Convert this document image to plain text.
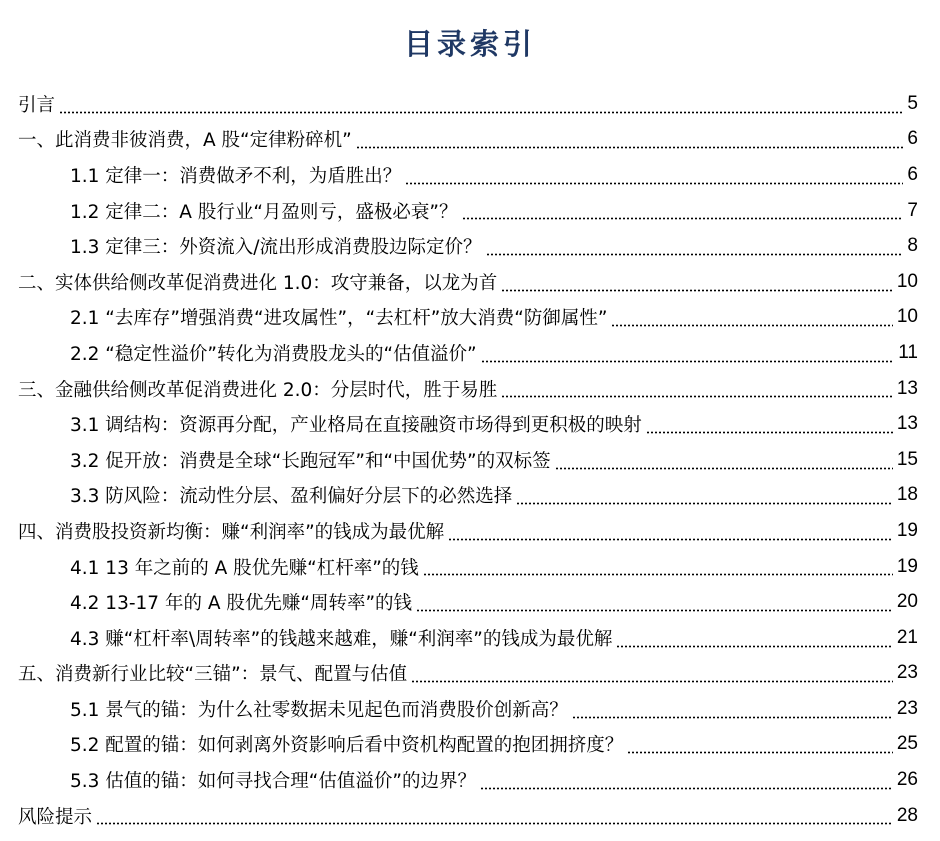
目录索引
引言	5
一、此消费非彼消费，A 股“定律粉碎机”	6
1.1 定律一：消费做矛不利，为盾胜出？	6
1.2 定律二：A 股行业“月盈则亏，盛极必衰”？	7
1.3 定律三：外资流入/流出形成消费股边际定价？	8
二、实体供给侧改革促消费进化 1.0：攻守兼备，以龙为首	10
2.1 “去库存”增强消费“进攻属性”，“去杠杆”放大消费“防御属性”	10
2.2 “稳定性溢价”转化为消费股龙头的“估值溢价”	11
三、金融供给侧改革促消费进化 2.0：分层时代，胜于易胜	13
3.1 调结构：资源再分配，产业格局在直接融资市场得到更积极的映射	13
3.2 促开放：消费是全球“长跑冠军”和“中国优势”的双标签	15
3.3 防风险：流动性分层、盈利偏好分层下的必然选择	18
四、消费股投资新均衡：赚“利润率”的钱成为最优解	19
4.1 13 年之前的 A 股优先赚“杠杆率”的钱	19
4.2 13-17 年的 A 股优先赚“周转率”的钱	20
4.3 赚“杠杆率\周转率”的钱越来越难，赚“利润率”的钱成为最优解	21
五、消费新行业比较“三锚”：景气、配置与估值	23
5.1 景气的锚：为什么社零数据未见起色而消费股价创新高？	23
5.2 配置的锚：如何剥离外资影响后看中资机构配置的抱团拥挤度？	25
5.3 估值的锚：如何寻找合理“估值溢价”的边界？	26
风险提示	28
